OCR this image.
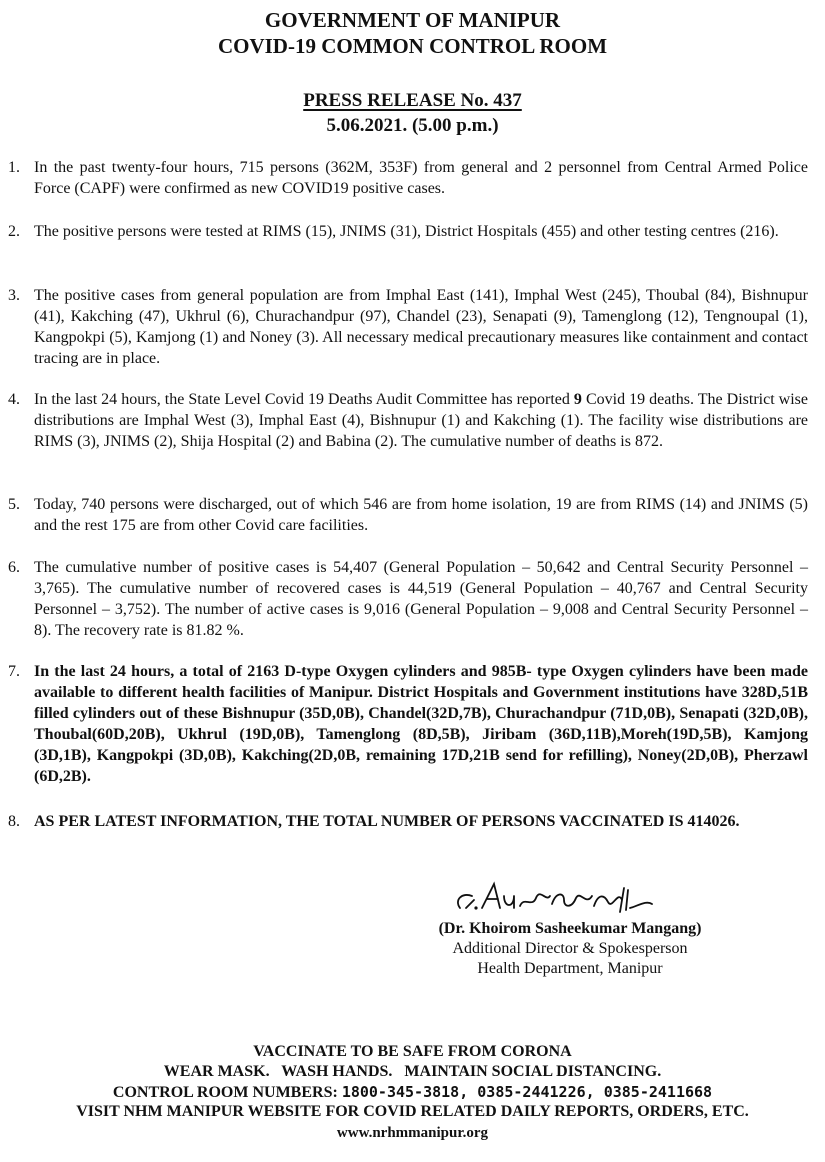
GOVERNMENT OF MANIPUR
COVID-19 COMMON CONTROL ROOM
PRESS RELEASE No. 437
5.06.2021. (5.00 p.m.)
1. In the past twenty-four hours, 715 persons (362M, 353F) from general and 2 personnel from Central Armed Police Force (CAPF) were confirmed as new COVID19 positive cases.
2. The positive persons were tested at RIMS (15), JNIMS (31), District Hospitals (455) and other testing centres (216).
3. The positive cases from general population are from Imphal East (141), Imphal West (245), Thoubal (84), Bishnupur (41), Kakching (47), Ukhrul (6), Churachandpur (97), Chandel (23), Senapati (9), Tamenglong (12), Tengnoupal (1), Kangpokpi (5), Kamjong (1) and Noney (3). All necessary medical precautionary measures like containment and contact tracing are in place.
4. In the last 24 hours, the State Level Covid 19 Deaths Audit Committee has reported 9 Covid 19 deaths. The District wise distributions are Imphal West (3), Imphal East (4), Bishnupur (1) and Kakching (1). The facility wise distributions are RIMS (3), JNIMS (2), Shija Hospital (2) and Babina (2). The cumulative number of deaths is 872.
5. Today, 740 persons were discharged, out of which 546 are from home isolation, 19 are from RIMS (14) and JNIMS (5) and the rest 175 are from other Covid care facilities.
6. The cumulative number of positive cases is 54,407 (General Population – 50,642 and Central Security Personnel – 3,765). The cumulative number of recovered cases is 44,519 (General Population – 40,767 and Central Security Personnel – 3,752). The number of active cases is 9,016 (General Population – 9,008 and Central Security Personnel – 8). The recovery rate is 81.82 %.
7. In the last 24 hours, a total of 2163 D-type Oxygen cylinders and 985B- type Oxygen cylinders have been made available to different health facilities of Manipur. District Hospitals and Government institutions have 328D,51B filled cylinders out of these Bishnupur (35D,0B), Chandel(32D,7B), Churachandpur (71D,0B), Senapati (32D,0B), Thoubal(60D,20B), Ukhrul (19D,0B), Tamenglong (8D,5B), Jiribam (36D,11B),Moreh(19D,5B), Kamjong (3D,1B), Kangpokpi (3D,0B), Kakching(2D,0B, remaining 17D,21B send for refilling), Noney(2D,0B), Pherzawl (6D,2B).
8. AS PER LATEST INFORMATION, THE TOTAL NUMBER OF PERSONS VACCINATED IS 414026.
(Dr. Khoirom Sasheekumar Mangang)
Additional Director & Spokesperson
Health Department, Manipur
VACCINATE TO BE SAFE FROM CORONA
WEAR MASK.   WASH HANDS.   MAINTAIN SOCIAL DISTANCING.
CONTROL ROOM NUMBERS: 1800-345-3818, 0385-2441226, 0385-2411668
VISIT NHM MANIPUR WEBSITE FOR COVID RELATED DAILY REPORTS, ORDERS, ETC.
www.nrhmmanipur.org
